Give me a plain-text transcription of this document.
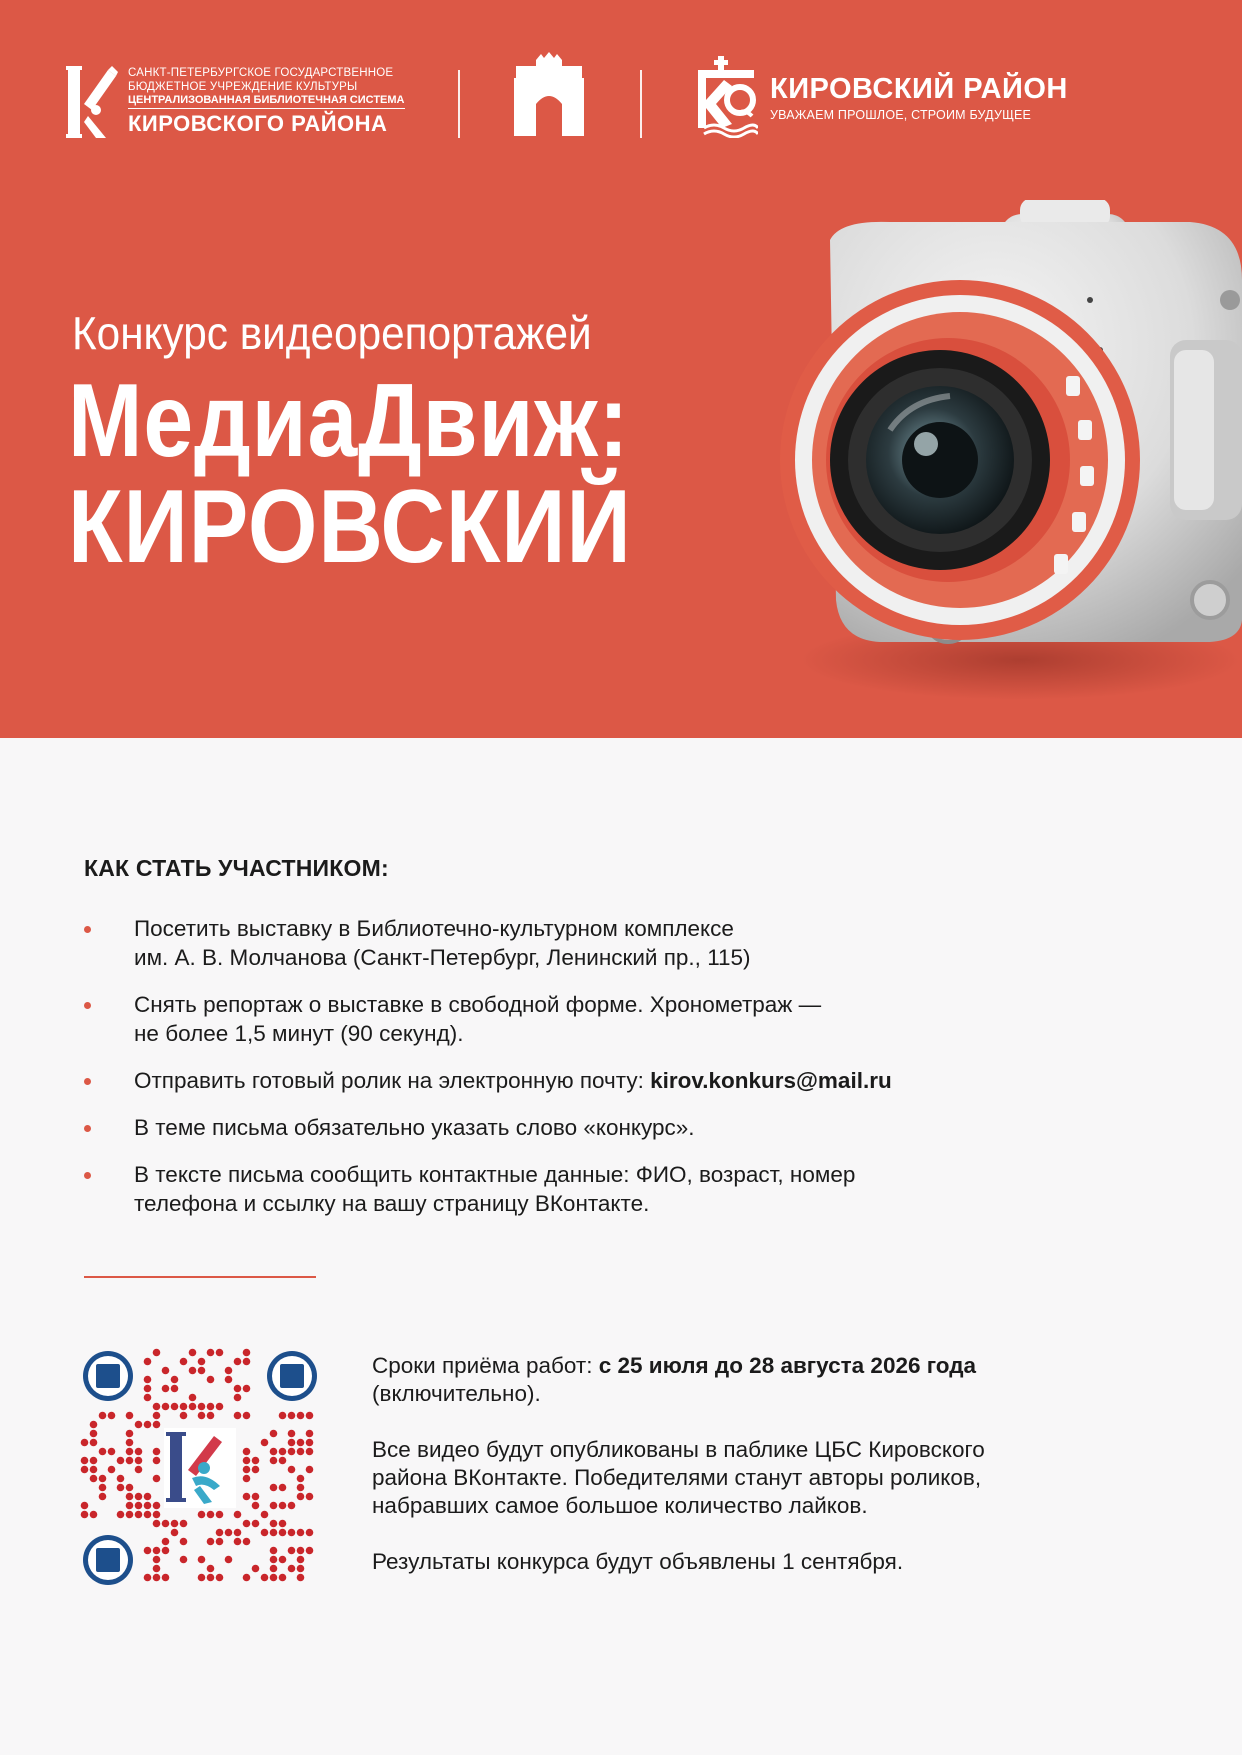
САНКТ-ПЕТЕРБУРГСКОЕ ГОСУДАРСТВЕННОЕ
БЮДЖЕТНОЕ УЧРЕЖДЕНИЕ КУЛЬТУРЫ
ЦЕНТРАЛИЗОВАННАЯ БИБЛИОТЕЧНАЯ СИСТЕМА
КИРОВСКОГО РАЙОНА
КИРОВСКИЙ РАЙОН
УВАЖАЕМ ПРОШЛОЕ, СТРОИМ БУДУЩЕЕ
Конкурс видеорепортажей
МедиаДвиж:
КИРОВСКИЙ
КАК СТАТЬ УЧАСТНИКОМ:
Посетить выставку в Библиотечно-культурном комплексе
им. А. В. Молчанова (Санкт-Петербург, Ленинский пр., 115)
Снять репортаж о выставке в свободной форме. Хронометраж —
не более 1,5 минут (90 секунд).
Отправить готовый ролик на электронную почту: kirov.konkurs@mail.ru
В теме письма обязательно указать слово «конкурс».
В тексте письма сообщить контактные данные: ФИО, возраст, номер
телефона и ссылку на вашу страницу ВКонтакте.

Сроки приёма работ: с 25 июля до 28 августа 2026 года
(включительно).

Все видео будут опубликованы в паблике ЦБС Кировского
района ВКонтакте. Победителями станут авторы роликов,
набравших самое большое количество лайков.

Результаты конкурса будут объявлены 1 сентября.
